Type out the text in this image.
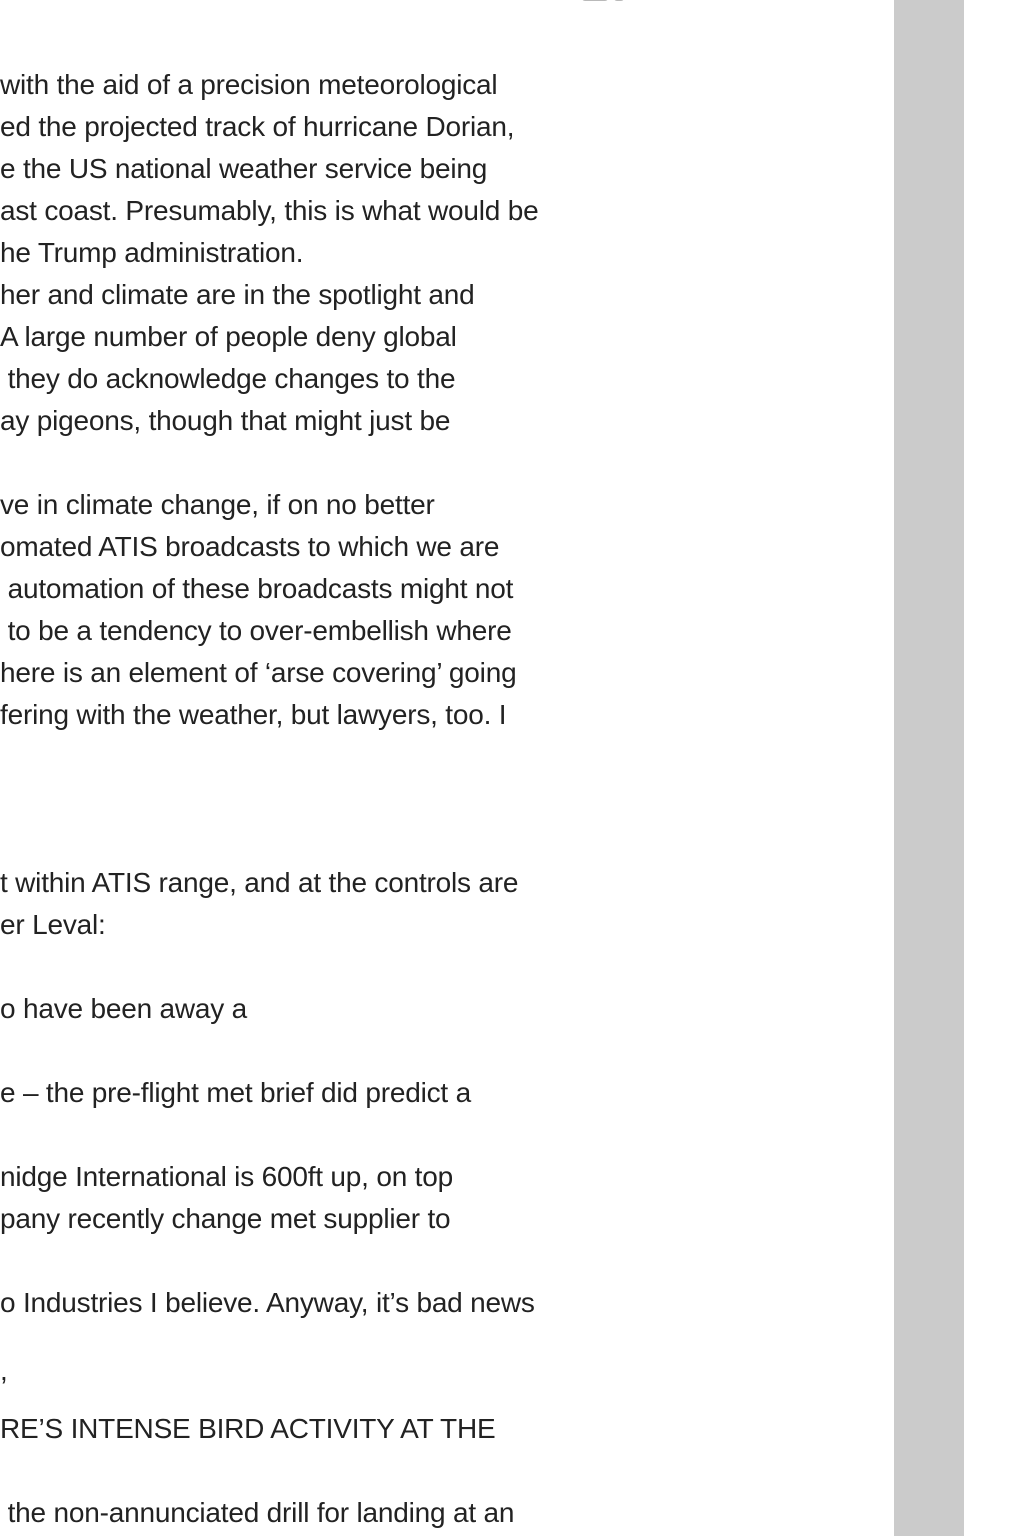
with the aid of a precision meteorological

ed the projected track of hurricane Dorian,

e the US national weather service being

ast coast. Presumably, this is what would be

he Trump administration.

her and climate are in the spotlight and

A large number of people deny global

they do acknowledge changes to the

ay pigeons, though that might just be

ve in climate change, if on no better

omated ATIS broadcasts to which we are

automation of these broadcasts might not

to be a tendency to over-embellish where

here is an element of ‘arse covering’ going

fering with the weather, but lawyers, too. I

t within ATIS range, and at the controls are

er Leval:

o have been away a

e – the pre-flight met brief did predict a

nidge International is 600ft up, on top

pany recently change met supplier to

o Industries I believe. Anyway, it’s bad news

,

RE’S INTENSE BIRD ACTIVITY AT THE

the non-annunciated drill for landing at an
